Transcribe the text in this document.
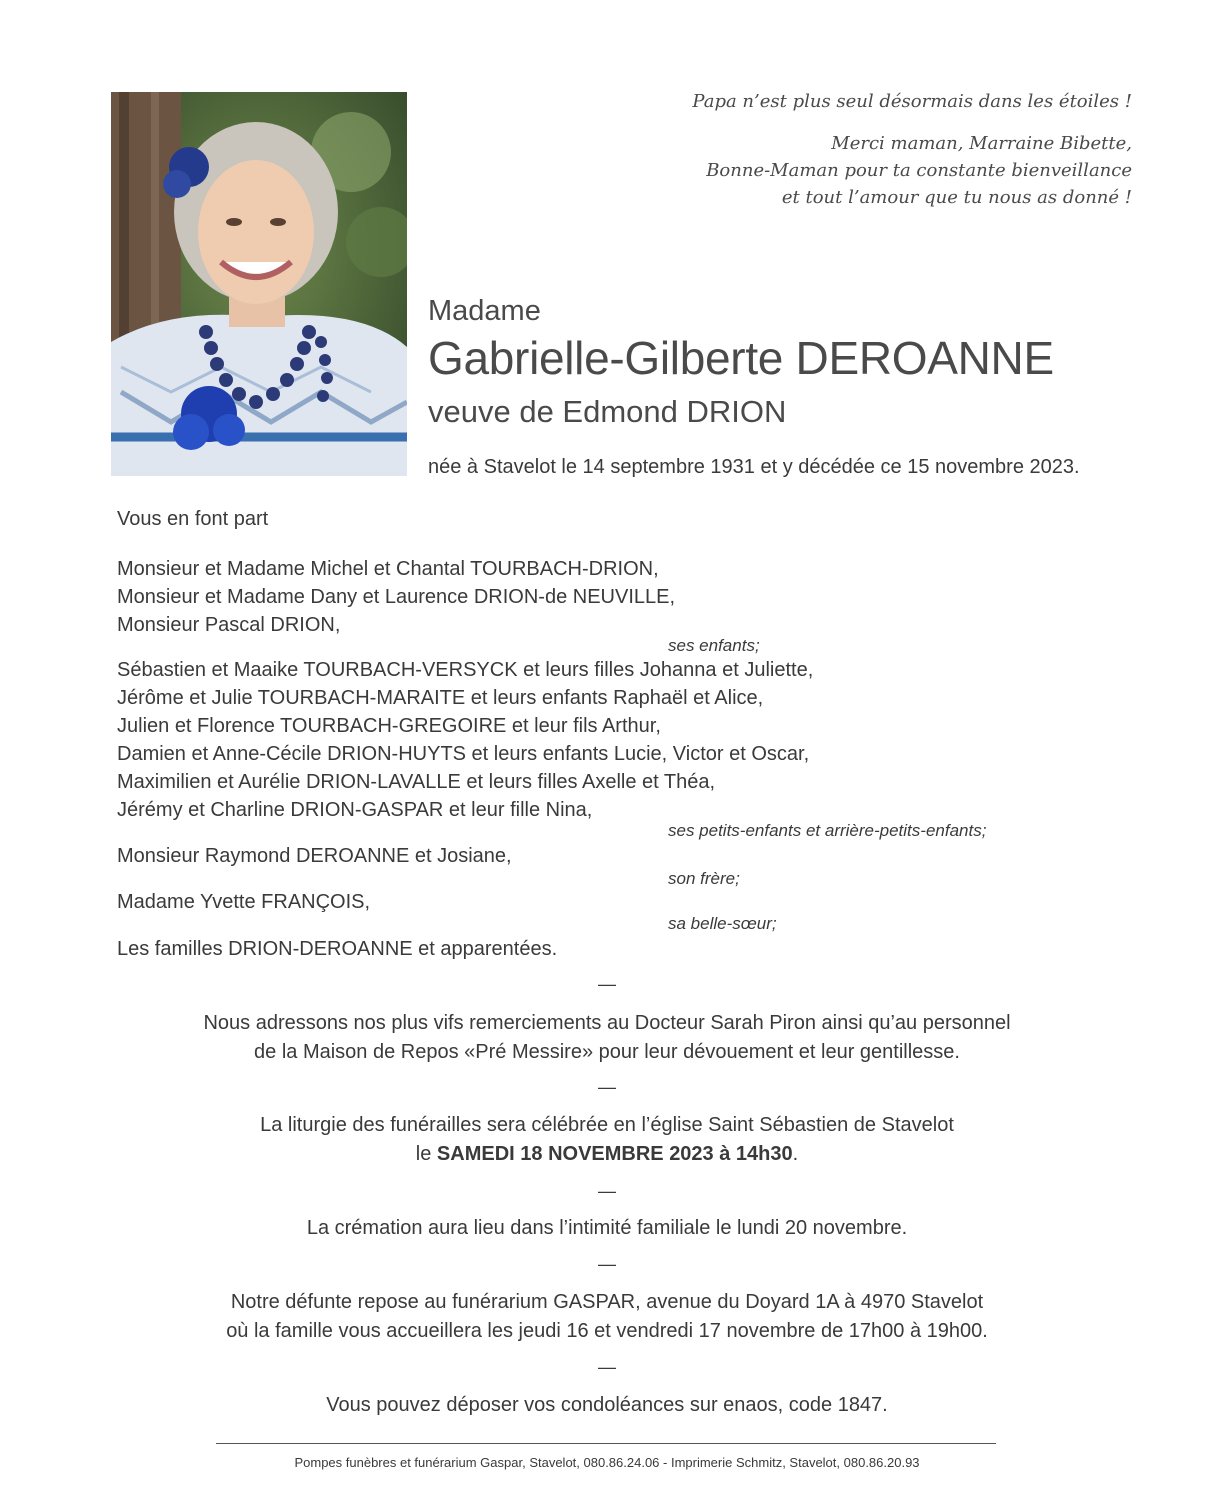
Papa n’est plus seul désormais dans les étoiles !
Merci maman, Marraine Bibette,
Bonne-Maman pour ta constante bienveillance
et tout l’amour que tu nous as donné !
Madame
Gabrielle-Gilberte DEROANNE
veuve de Edmond DRION
née à Stavelot le 14 septembre 1931 et y décédée ce 15 novembre 2023.
Vous en font part
Monsieur et Madame Michel et Chantal TOURBACH-DRION,
Monsieur et Madame Dany et Laurence DRION-de NEUVILLE,
Monsieur Pascal DRION,
ses enfants;
Sébastien et Maaike TOURBACH-VERSYCK et leurs filles Johanna et Juliette,
Jérôme et Julie TOURBACH-MARAITE et leurs enfants Raphaël et Alice,
Julien et Florence TOURBACH-GREGOIRE et leur fils Arthur,
Damien et Anne-Cécile DRION-HUYTS et leurs enfants Lucie, Victor et Oscar,
Maximilien et Aurélie DRION-LAVALLE et leurs filles Axelle et Théa,
Jérémy et Charline DRION-GASPAR et leur fille Nina,
ses petits-enfants et arrière-petits-enfants;
Monsieur Raymond DEROANNE et Josiane,
son frère;
Madame Yvette FRANÇOIS,
sa belle-sœur;
Les familles DRION-DEROANNE et apparentées.
—
Nous adressons nos plus vifs remerciements au Docteur Sarah Piron ainsi qu’au personnel
de la Maison de Repos «Pré Messire» pour leur dévouement et leur gentillesse.
—
La liturgie des funérailles sera célébrée en l’église Saint Sébastien de Stavelot
le SAMEDI 18 NOVEMBRE 2023 à 14h30.
—
La crémation aura lieu dans l’intimité familiale le lundi 20 novembre.
—
Notre défunte repose au funérarium GASPAR, avenue du Doyard 1A à 4970 Stavelot
où la famille vous accueillera les jeudi 16 et vendredi 17 novembre de 17h00 à 19h00.
—
Vous pouvez déposer vos condoléances sur enaos, code 1847.
Pompes funèbres et funérarium Gaspar, Stavelot, 080.86.24.06 - Imprimerie Schmitz, Stavelot, 080.86.20.93
